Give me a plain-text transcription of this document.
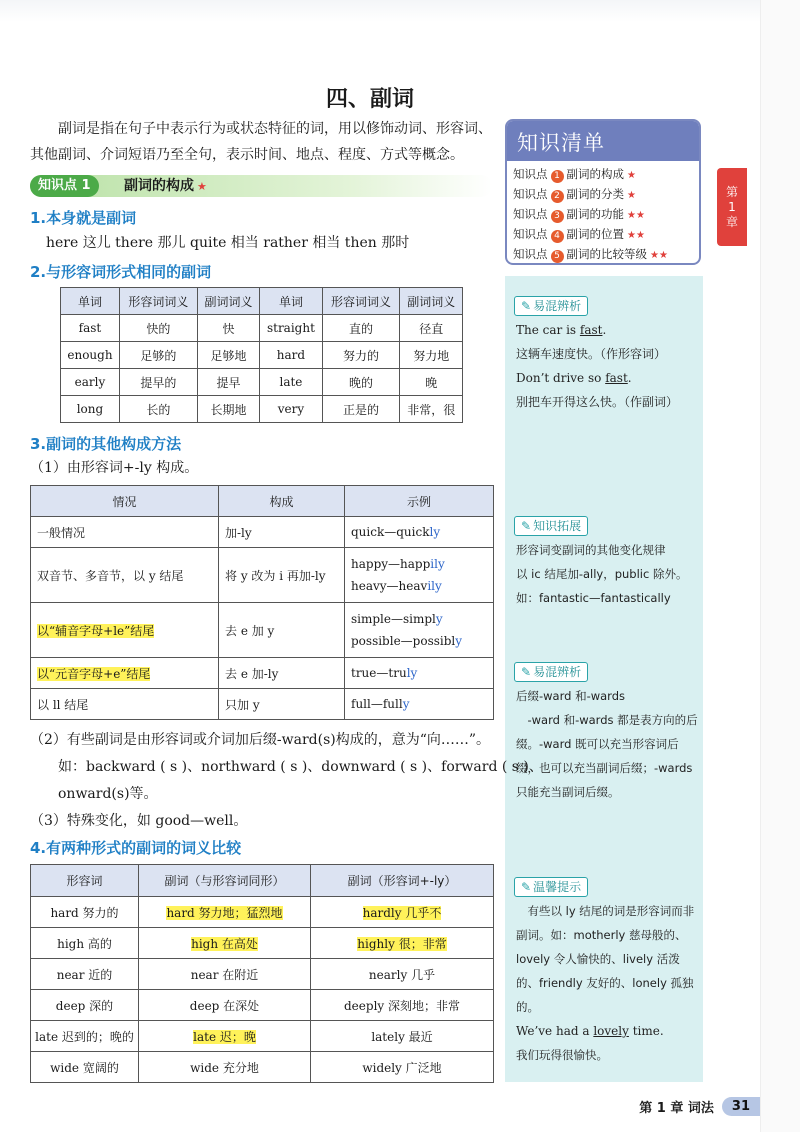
第
1
章
四、副词
副词是指在句子中表示行为或状态特征的词，用以修饰动词、形容词、其他副词、介词短语乃至全句，表示时间、地点、程度、方式等概念。	知识清单
知识点 1 副词的构成 ★
知识点 2 副词的分类 ★
知识点 3 副词的功能 ★★
知识点 4 副词的位置 ★★
知识点 5 副词的比较等级 ★★
✎ 易混辨析
The car is fast.
这辆车速度快。（作形容词）
Don’t drive so fast.
别把车开得这么快。（作副词）
✎ 知识拓展
形容词变副词的其他变化规律
以 ic 结尾加-ally，public 除外。
如：fantastic—fantastically
✎ 易混辨析
后缀-ward 和-wards
　-ward 和-wards 都是表方向的后缀。-ward 既可以充当形容词后缀，也可以充当副词后缀；-wards 只能充当副词后缀。
✎ 温馨提示
　有些以 ly 结尾的词是形容词而非副词。如：motherly 慈母般的、lovely 令人愉快的、lively 活泼的、friendly 友好的、lonely 孤独的。
We’ve had a lovely time.
我们玩得很愉快。
知识点 1	副词的构成 ★
1.本身就是副词
here 这儿 there 那儿 quite 相当 rather 相当 then 那时
2.与形容词形式相同的副词
单词	形容词词义	副词词义	单词	形容词词义	副词词义
fast	快的	快	straight	直的	径直
enough	足够的	足够地	hard	努力的	努力地
early	提早的	提早	late	晚的	晚
long	长的	长期地	very	正是的	非常，很
3.副词的其他构成方法
（1）由形容词+-ly 构成。
情况	构成	示例
一般情况	加-ly	quick—quickly
双音节、多音节，以 y 结尾	将 y 改为 i 再加-ly	happy—happily
heavy—heavily
以“辅音字母+le”结尾	去 e 加 y	simple—simply
possible—possibly
以“元音字母+e”结尾	去 e 加-ly	true—truly
以 ll 结尾	只加 y	full—fully
（2）有些副词是由形容词或介词加后缀-ward(s)构成的，意为“向……”。
如：backward ( s )、northward ( s )、downward ( s )、forward ( s )、
onward(s)等。
（3）特殊变化，如 good—well。
4.有两种形式的副词的词义比较
形容词	副词（与形容词同形）	副词（形容词+-ly）
hard 努力的	hard 努力地；猛烈地	hardly 几乎不
high 高的	high 在高处	highly 很；非常
near 近的	near 在附近	nearly 几乎
deep 深的	deep 在深处	deeply 深刻地；非常
late 迟到的；晚的	late 迟；晚	lately 最近
wide 宽阔的	wide 充分地	widely 广泛地
第 1 章 词法	31
